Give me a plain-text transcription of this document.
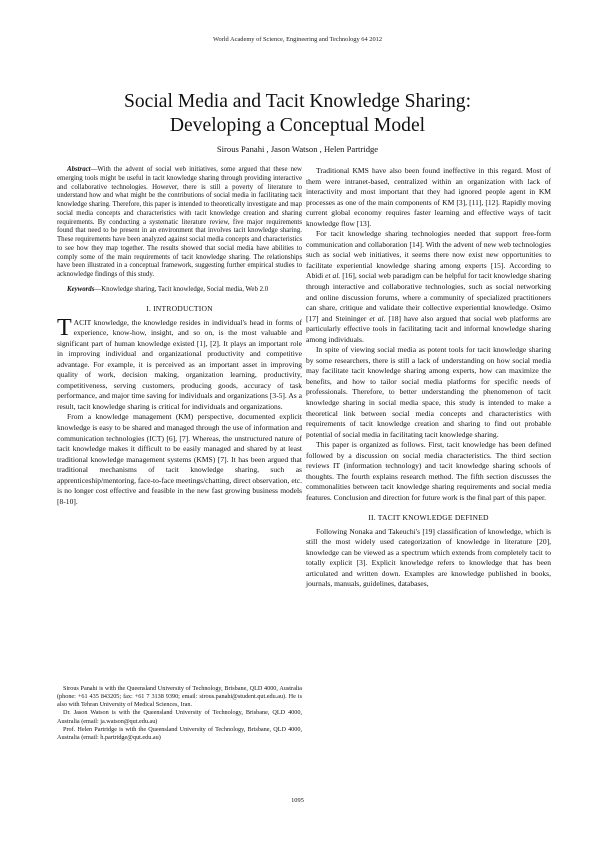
World Academy of Science, Engineering and Technology 64 2012
Social Media and Tacit Knowledge Sharing:
Developing a Conceptual Model
Sirous Panahi , Jason Watson , Helen Partridge

Abstract—With the advent of social web initiatives, some argued that these new emerging tools might be useful in tacit knowledge sharing through providing interactive and collaborative technologies. However, there is still a poverty of literature to understand how and what might be the contributions of social media in facilitating tacit knowledge sharing. Therefore, this paper is intended to theoretically investigate and map social media concepts and characteristics with tacit knowledge creation and sharing requirements. By conducting a systematic literature review, five major requirements found that need to be present in an environment that involves tacit knowledge sharing. These requirements have been analyzed against social media concepts and characteristics to see how they map together. The results showed that social media have abilities to comply some of the main requirements of tacit knowledge sharing. The relationships have been illustrated in a conceptual framework, suggesting further empirical studies to acknowledge findings of this study.

Keywords—Knowledge sharing, Tacit knowledge, Social media, Web 2.0

I. INTRODUCTION

TACIT knowledge, the knowledge resides in individual's head in forms of experience, know-how, insight, and so on, is the most valuable and significant part of human knowledge existed [1], [2]. It plays an important role in improving individual and organizational productivity and competitive advantage. For example, it is perceived as an important asset in improving quality of work, decision making, organization learning, productivity, competitiveness, serving customers, producing goods, accuracy of task performance, and major time saving for individuals and organizations [3-5]. As a result, tacit knowledge sharing is critical for individuals and organizations.

From a knowledge management (KM) perspective, documented explicit knowledge is easy to be shared and managed through the use of information and communication technologies (ICT) [6], [7]. Whereas, the unstructured nature of tacit knowledge makes it difficult to be easily managed and shared by at least traditional knowledge management systems (KMS) [7]. It has been argued that traditional mechanisms of tacit knowledge sharing, such as apprenticeship/mentoring, face-to-face meetings/chatting, direct observation, etc. is no longer cost effective and feasible in the new fast growing business models [8-10].

Sirous Panahi is with the Queensland University of Technology, Brisbane, QLD 4000, Australia (phone: +61 435 843205; fax: +61 7 3138 9390; email: sirous.panahi@student.qut.edu.au). He is also with Tehran University of Medical Sciences, Iran.

Dr. Jason Watson is with the Queensland University of Technology, Brisbane, QLD 4000, Australia (email: ja.watson@qut.edu.au)

Prof. Helen Partridge is with the Queensland University of Technology, Brisbane, QLD 4000, Australia (email: h.partridge@qut.edu.au)

Traditional KMS have also been found ineffective in this regard. Most of them were intranet-based, centralized within an organization with lack of interactivity and most important that they had ignored people agent in KM processes as one of the main components of KM [3], [11], [12]. Rapidly moving current global economy requires faster learning and effective ways of tacit knowledge flow [13].

For tacit knowledge sharing technologies needed that support free-form communication and collaboration [14]. With the advent of new web technologies such as social web initiatives, it seems there now exist new opportunities to facilitate experiential knowledge sharing among experts [15]. According to Abidi et al. [16], social web paradigm can be helpful for tacit knowledge sharing through interactive and collaborative technologies, such as social networking and online discussion forums, where a community of specialized practitioners can share, critique and validate their collective experiential knowledge. Osimo [17] and Steininger et al. [18] have also argued that social web platforms are particularly effective tools in facilitating tacit and informal knowledge sharing among individuals.

In spite of viewing social media as potent tools for tacit knowledge sharing by some researchers, there is still a lack of understanding on how social media may facilitate tacit knowledge sharing among experts, how can maximize the benefits, and how to tailor social media platforms for specific needs of professionals. Therefore, to better understanding the phenomenon of tacit knowledge sharing in social media space, this study is intended to make a theoretical link between social media concepts and characteristics with requirements of tacit knowledge creation and sharing to find out probable potential of social media in facilitating tacit knowledge sharing.

This paper is organized as follows. First, tacit knowledge has been defined followed by a discussion on social media characteristics. The third section reviews IT (information technology) and tacit knowledge sharing schools of thoughts. The fourth explains research method. The fifth section discusses the commonalities between tacit knowledge sharing requirements and social media features. Conclusion and direction for future work is the final part of this paper.

II. TACIT KNOWLEDGE DEFINED

Following Nonaka and Takeuchi's [19] classification of knowledge, which is still the most widely used categorization of knowledge in literature [20], knowledge can be viewed as a spectrum which extends from completely tacit to totally explicit [3]. Explicit knowledge refers to knowledge that has been articulated and written down. Examples are knowledge published in books, journals, manuals, guidelines, databases,

1095
